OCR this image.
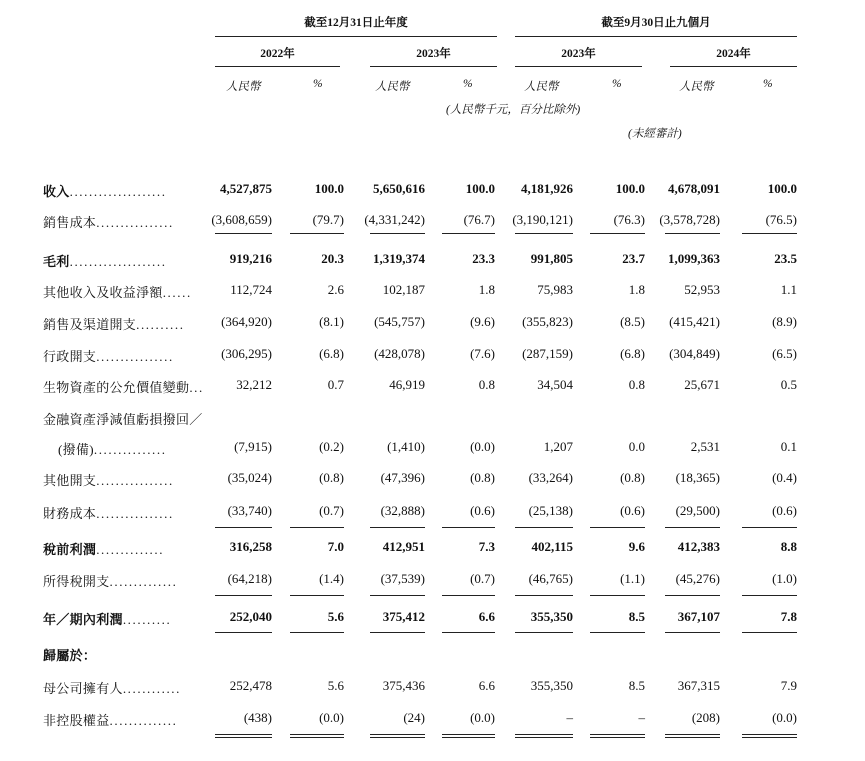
截至12月31日止年度	截至9月30日止九個月
2022年	2023年	2023年	2024年
人民幣	%	人民幣	%	人民幣	%	人民幣	%
(人民幣千元，百分比除外)
(未經審計)
收入....................	4,527,875	100.0 5,650,616	100.0 4,181,926	100.0 4,678,091	100.0
銷售成本................	(3,608,659)	(79.7) (4,331,242)	(76.7) (3,190,121)	(76.3) (3,578,728)	(76.5)
毛利....................	919,216	20.3 1,319,374	23.3	991,805	23.7 1,099,363	23.5
其他收入及收益淨額......	112,724	2.6	102,187	1.8	75,983	1.8	52,953	1.1
銷售及渠道開支..........	(364,920)	(8.1) (545,757)	(9.6) (355,823)	(8.5) (415,421)	(8.9)
行政開支................	(306,295)	(6.8) (428,078)	(7.6) (287,159)	(6.8) (304,849)	(6.5)
生物資產的公允價值變動... 32,212	0.7	46,919	0.8	34,504	0.8	25,671	0.5
金融資產淨減值虧損撥回／
(撥備)...............	(7,915)	(0.2)	(1,410)	(0.0)	1,207	0.0	2,531	0.1
其他開支................	(35,024)	(0.8)	(47,396)	(0.8)	(33,264)	(0.8) (18,365)	(0.4)
財務成本................	(33,740)	(0.7)	(32,888)	(0.6)	(25,138)	(0.6) (29,500)	(0.6)
稅前利潤..............	316,258	7.0	412,951	7.3	402,115	9.6	412,383	8.8
所得稅開支..............	(64,218)	(1.4)	(37,539)	(0.7)	(46,765)	(1.1) (45,276)	(1.0)
年／期內利潤..........	252,040	5.6	375,412	6.6	355,350	8.5	367,107	7.8
歸屬於：
母公司擁有人............	252,478	5.6	375,436	6.6	355,350	8.5	367,315	7.9
非控股權益..............	(438)	(0.0)	(24)	(0.0)	–	–	(208)	(0.0)
